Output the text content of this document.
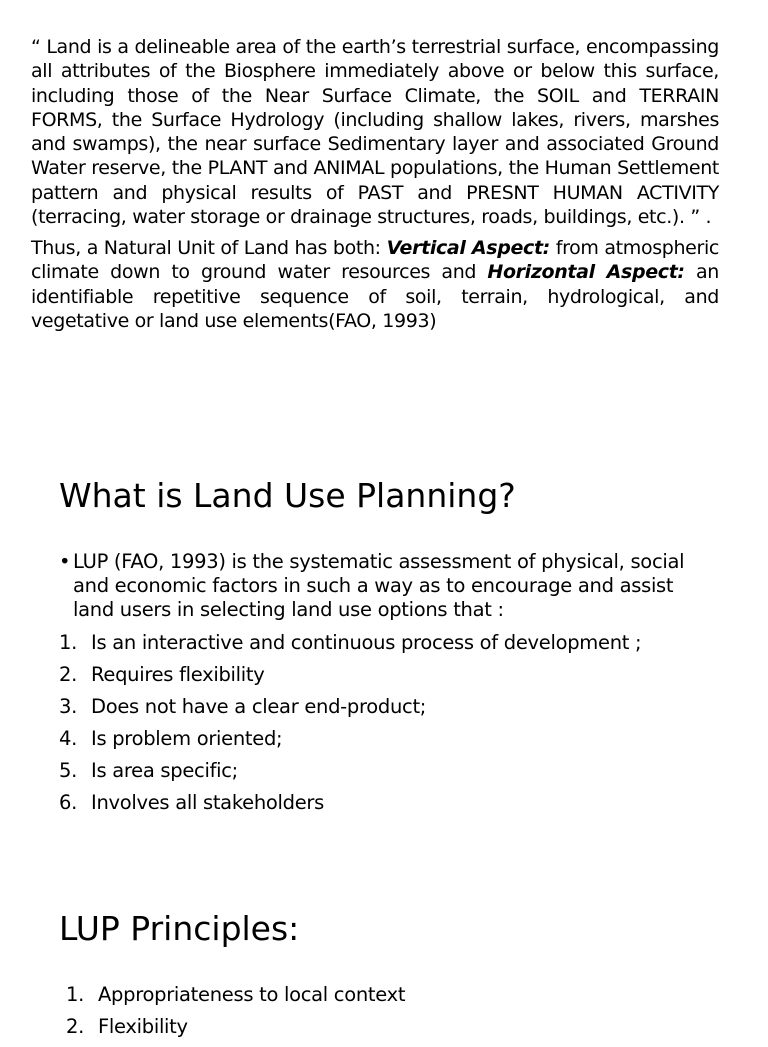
“ Land is a delineable area of the earth’s terrestrial surface, encompassing all attributes of the Biosphere immediately above or below this surface, including those of the Near Surface Climate, the SOIL and TERRAIN FORMS, the Surface Hydrology (including shallow lakes, rivers, marshes and swamps), the near surface Sedimentary layer and associated Ground Water reserve, the PLANT and ANIMAL populations, the Human Settlement pattern and physical results of PAST and PRESNT HUMAN ACTIVITY (terracing, water storage or drainage structures, roads, buildings, etc.). ” .

Thus, a Natural Unit of Land has both: Vertical Aspect: from atmospheric climate down to ground water resources and Horizontal Aspect: an identifiable repetitive sequence of soil, terrain, hydrological, and vegetative or land use elements(FAO, 1993)

What is Land Use Planning?
• LUP (FAO, 1993) is the systematic assessment of physical, social and economic factors in such a way as to encourage and assist land users in selecting land use options that :
1. Is an interactive and continuous process of development ;
2. Requires flexibility
3. Does not have a clear end-product;
4. Is problem oriented;
5. Is area specific;
6. Involves all stakeholders
LUP Principles:
1. Appropriateness to local context
2. Flexibility
